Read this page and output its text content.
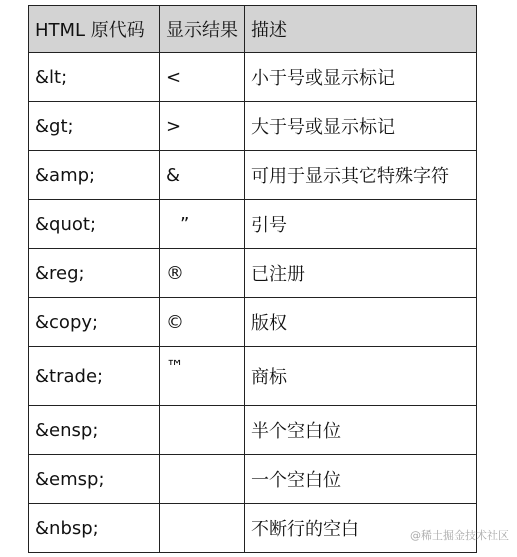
HTML 原代码	显示结果	描述
&lt;	<	小于号或显示标记
&gt;	>	大于号或显示标记
&amp;	&	可用于显示其它特殊字符
&quot;	”	引号
&reg;	®	已注册
&copy;	©	版权
&trade;	™	商标
&ensp;		半个空白位
&emsp;		一个空白位
&nbsp;		不断行的空白	@稀土掘金技术社区
